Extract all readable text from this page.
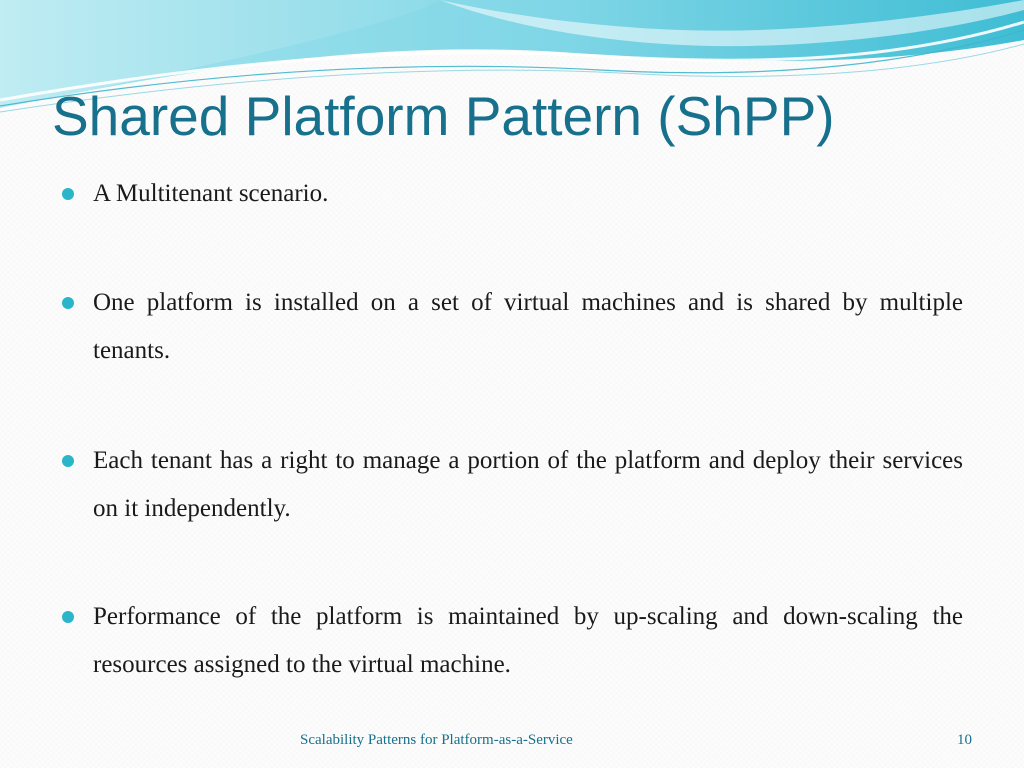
Shared Platform Pattern (ShPP)
A Multitenant scenario.
One platform is installed on a set of virtual machines and is shared by multiple tenants.
Each tenant has a right to manage a portion of the platform and deploy their services on it independently.
Performance of the platform is maintained by up-scaling and down-scaling the resources assigned to the virtual machine.
Scalability Patterns for Platform-as-a-Service	10
